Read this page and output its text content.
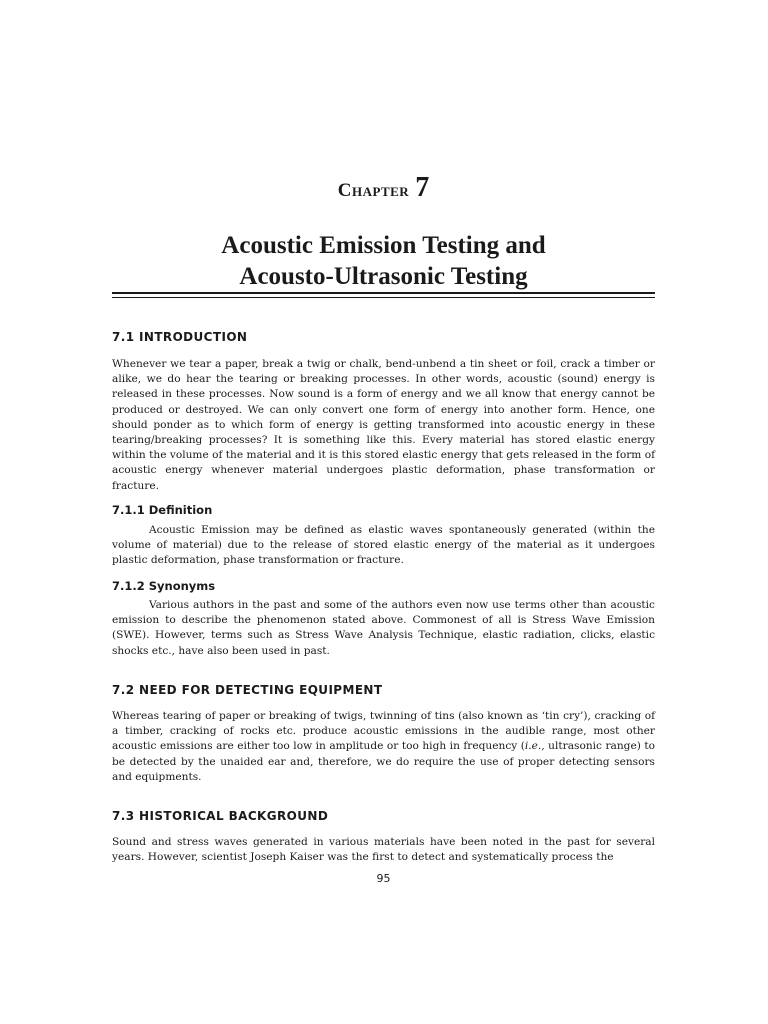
Chapter 7
Acoustic Emission Testing and
Acousto-Ultrasonic Testing
7.1 INTRODUCTION

Whenever we tear a paper, break a twig or chalk, bend-unbend a tin sheet or foil, crack a timber or alike, we do hear the tearing or breaking processes. In other words, acoustic (sound) energy is released in these processes. Now sound is a form of energy and we all know that energy cannot be produced or destroyed. We can only convert one form of energy into another form. Hence, one should ponder as to which form of energy is getting transformed into acoustic energy in these tearing/breaking processes? It is something like this. Every material has stored elastic energy within the volume of the material and it is this stored elastic energy that gets released in the form of acoustic energy whenever material undergoes plastic deformation, phase transformation or fracture.

7.1.1 Definition

Acoustic Emission may be defined as elastic waves spontaneously generated (within the volume of material) due to the release of stored elastic energy of the material as it undergoes plastic deformation, phase transformation or fracture.

7.1.2 Synonyms

Various authors in the past and some of the authors even now use terms other than acoustic emission to describe the phenomenon stated above. Commonest of all is Stress Wave Emission (SWE). However, terms such as Stress Wave Analysis Technique, elastic radiation, clicks, elastic shocks etc., have also been used in past.

7.2 NEED FOR DETECTING EQUIPMENT

Whereas tearing of paper or breaking of twigs, twinning of tins (also known as ‘tin cry’), cracking of a timber, cracking of rocks etc. produce acoustic emissions in the audible range, most other acoustic emissions are either too low in amplitude or too high in frequency (i.e., ultrasonic range) to be detected by the unaided ear and, therefore, we do require the use of proper detecting sensors and equipments.

7.3 HISTORICAL BACKGROUND

Sound and stress waves generated in various materials have been noted in the past for several years. However, scientist Joseph Kaiser was the first to detect and systematically process the

95
